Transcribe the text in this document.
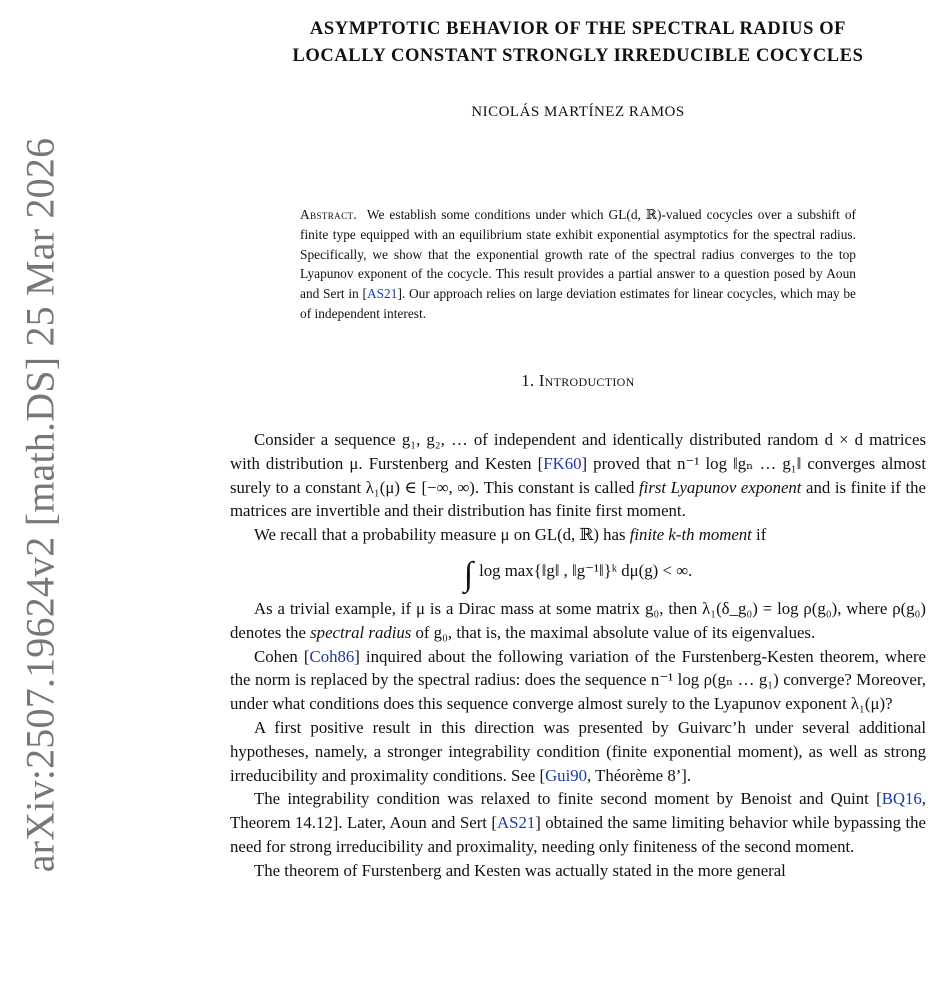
arXiv:2507.19624v2 [math.DS] 25 Mar 2026
ASYMPTOTIC BEHAVIOR OF THE SPECTRAL RADIUS OF
LOCALLY CONSTANT STRONGLY IRREDUCIBLE COCYCLES
NICOLÁS MARTÍNEZ RAMOS
Abstract. We establish some conditions under which GL(d, ℝ)-valued cocycles over a subshift of finite type equipped with an equilibrium state exhibit exponential asymptotics for the spectral radius. Specifically, we show that the exponential growth rate of the spectral radius converges to the top Lyapunov exponent of the cocycle. This result provides a partial answer to a question posed by Aoun and Sert in [AS21]. Our approach relies on large deviation estimates for linear cocycles, which may be of independent interest.
1. Introduction

Consider a sequence g₁, g₂, … of independent and identically distributed random d × d matrices with distribution μ. Furstenberg and Kesten [FK60] proved that n⁻¹ log ‖gₙ … g₁‖ converges almost surely to a constant λ₁(μ) ∈ [−∞, ∞). This constant is called first Lyapunov exponent and is finite if the matrices are invertible and their distribution has finite first moment.

We recall that a probability measure μ on GL(d, ℝ) has finite k-th moment if

∫ log max{‖g‖ , ‖g⁻¹‖}ᵏ dμ(g) < ∞.

As a trivial example, if μ is a Dirac mass at some matrix g₀, then λ₁(δ_g₀) = log ρ(g₀), where ρ(g₀) denotes the spectral radius of g₀, that is, the maximal absolute value of its eigenvalues.

Cohen [Coh86] inquired about the following variation of the Furstenberg-Kesten theorem, where the norm is replaced by the spectral radius: does the sequence n⁻¹ log ρ(gₙ … g₁) converge? Moreover, under what conditions does this sequence converge almost surely to the Lyapunov exponent λ₁(μ)?

A first positive result in this direction was presented by Guivarc’h under several additional hypotheses, namely, a stronger integrability condition (finite exponential moment), as well as strong irreducibility and proximality conditions. See [Gui90, Théorème 8’].

The integrability condition was relaxed to finite second moment by Benoist and Quint [BQ16, Theorem 14.12]. Later, Aoun and Sert [AS21] obtained the same limiting behavior while bypassing the need for strong irreducibility and proximality, needing only finiteness of the second moment.

The theorem of Furstenberg and Kesten was actually stated in the more general
